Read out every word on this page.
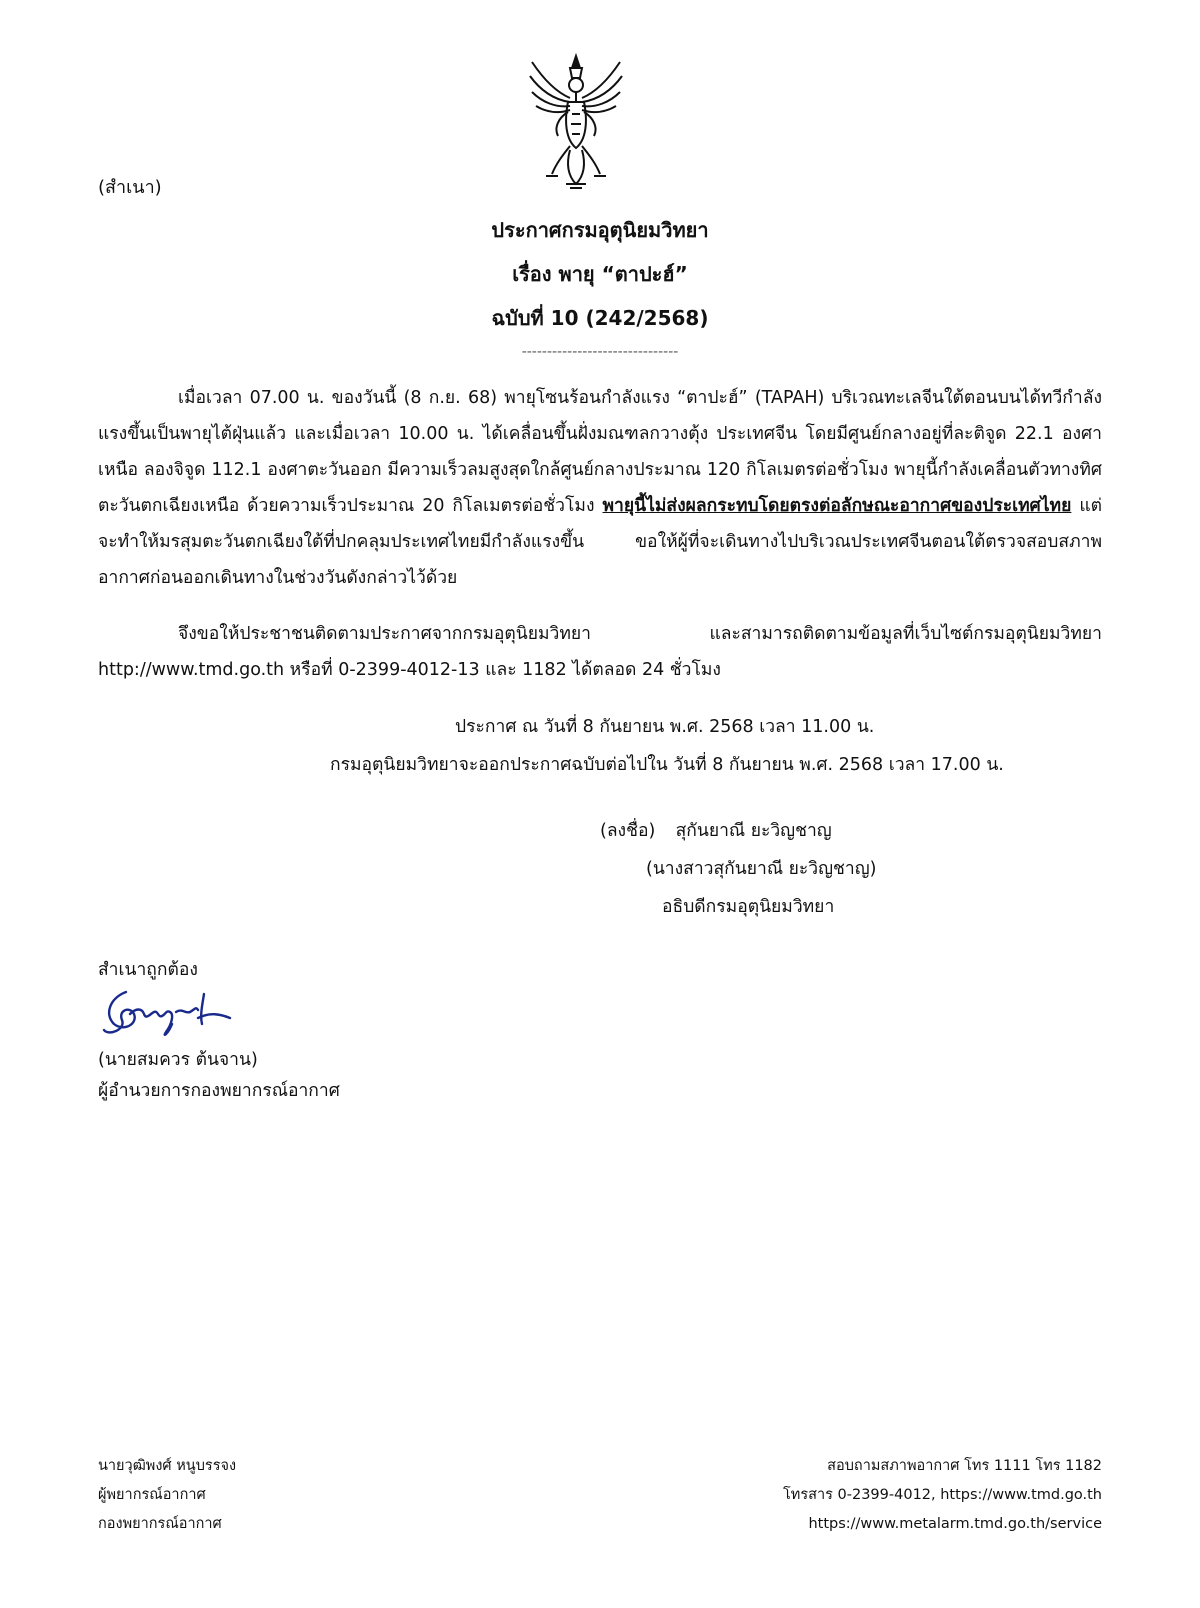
(สำเนา)
ประกาศกรมอุตุนิยมวิทยา
เรื่อง พายุ “ตาปะฮ์”
ฉบับที่ 10 (242/2568)
-------------------------------
เมื่อเวลา 07.00 น. ของวันนี้ (8 ก.ย. 68) พายุโซนร้อนกำลังแรง “ตาปะฮ์” (TAPAH) บริเวณทะเลจีนใต้ตอนบนได้ทวีกำลังแรงขึ้นเป็นพายุไต้ฝุ่นแล้ว และเมื่อเวลา 10.00 น. ได้เคลื่อนขึ้นฝั่งมณฑลกวางตุ้ง ประเทศจีน โดยมีศูนย์กลางอยู่ที่ละติจูด 22.1 องศาเหนือ ลองจิจูด 112.1 องศาตะวันออก มีความเร็วลมสูงสุดใกล้ศูนย์กลางประมาณ 120 กิโลเมตรต่อชั่วโมง พายุนี้กำลังเคลื่อนตัวทางทิศตะวันตกเฉียงเหนือ ด้วยความเร็วประมาณ 20 กิโลเมตรต่อชั่วโมง พายุนี้ไม่ส่งผลกระทบโดยตรงต่อลักษณะอากาศของประเทศไทย แต่จะทำให้มรสุมตะวันตกเฉียงใต้ที่ปกคลุมประเทศไทยมีกำลังแรงขึ้น ขอให้ผู้ที่จะเดินทางไปบริเวณประเทศจีนตอนใต้ตรวจสอบสภาพอากาศก่อนออกเดินทางในช่วงวันดังกล่าวไว้ด้วย
จึงขอให้ประชาชนติดตามประกาศจากกรมอุตุนิยมวิทยา และสามารถติดตามข้อมูลที่เว็บไซต์กรมอุตุนิยมวิทยา http://www.tmd.go.th หรือที่ 0-2399-4012-13 และ 1182 ได้ตลอด 24 ชั่วโมง
ประกาศ ณ วันที่ 8 กันยายน พ.ศ. 2568 เวลา 11.00 น.
กรมอุตุนิยมวิทยาจะออกประกาศฉบับต่อไปใน วันที่ 8 กันยายน พ.ศ. 2568 เวลา 17.00 น.
(ลงชื่อ) สุกันยาณี ยะวิญชาญ
(นางสาวสุกันยาณี ยะวิญชาญ)
อธิบดีกรมอุตุนิยมวิทยา
สำเนาถูกต้อง
(นายสมควร ต้นจาน)
ผู้อำนวยการกองพยากรณ์อากาศ
นายวุฒิพงศ์ หนูบรรจง
ผู้พยากรณ์อากาศ
กองพยากรณ์อากาศ
สอบถามสภาพอากาศ โทร 1111 โทร 1182
โทรสาร 0-2399-4012, https://www.tmd.go.th
https://www.metalarm.tmd.go.th/service
